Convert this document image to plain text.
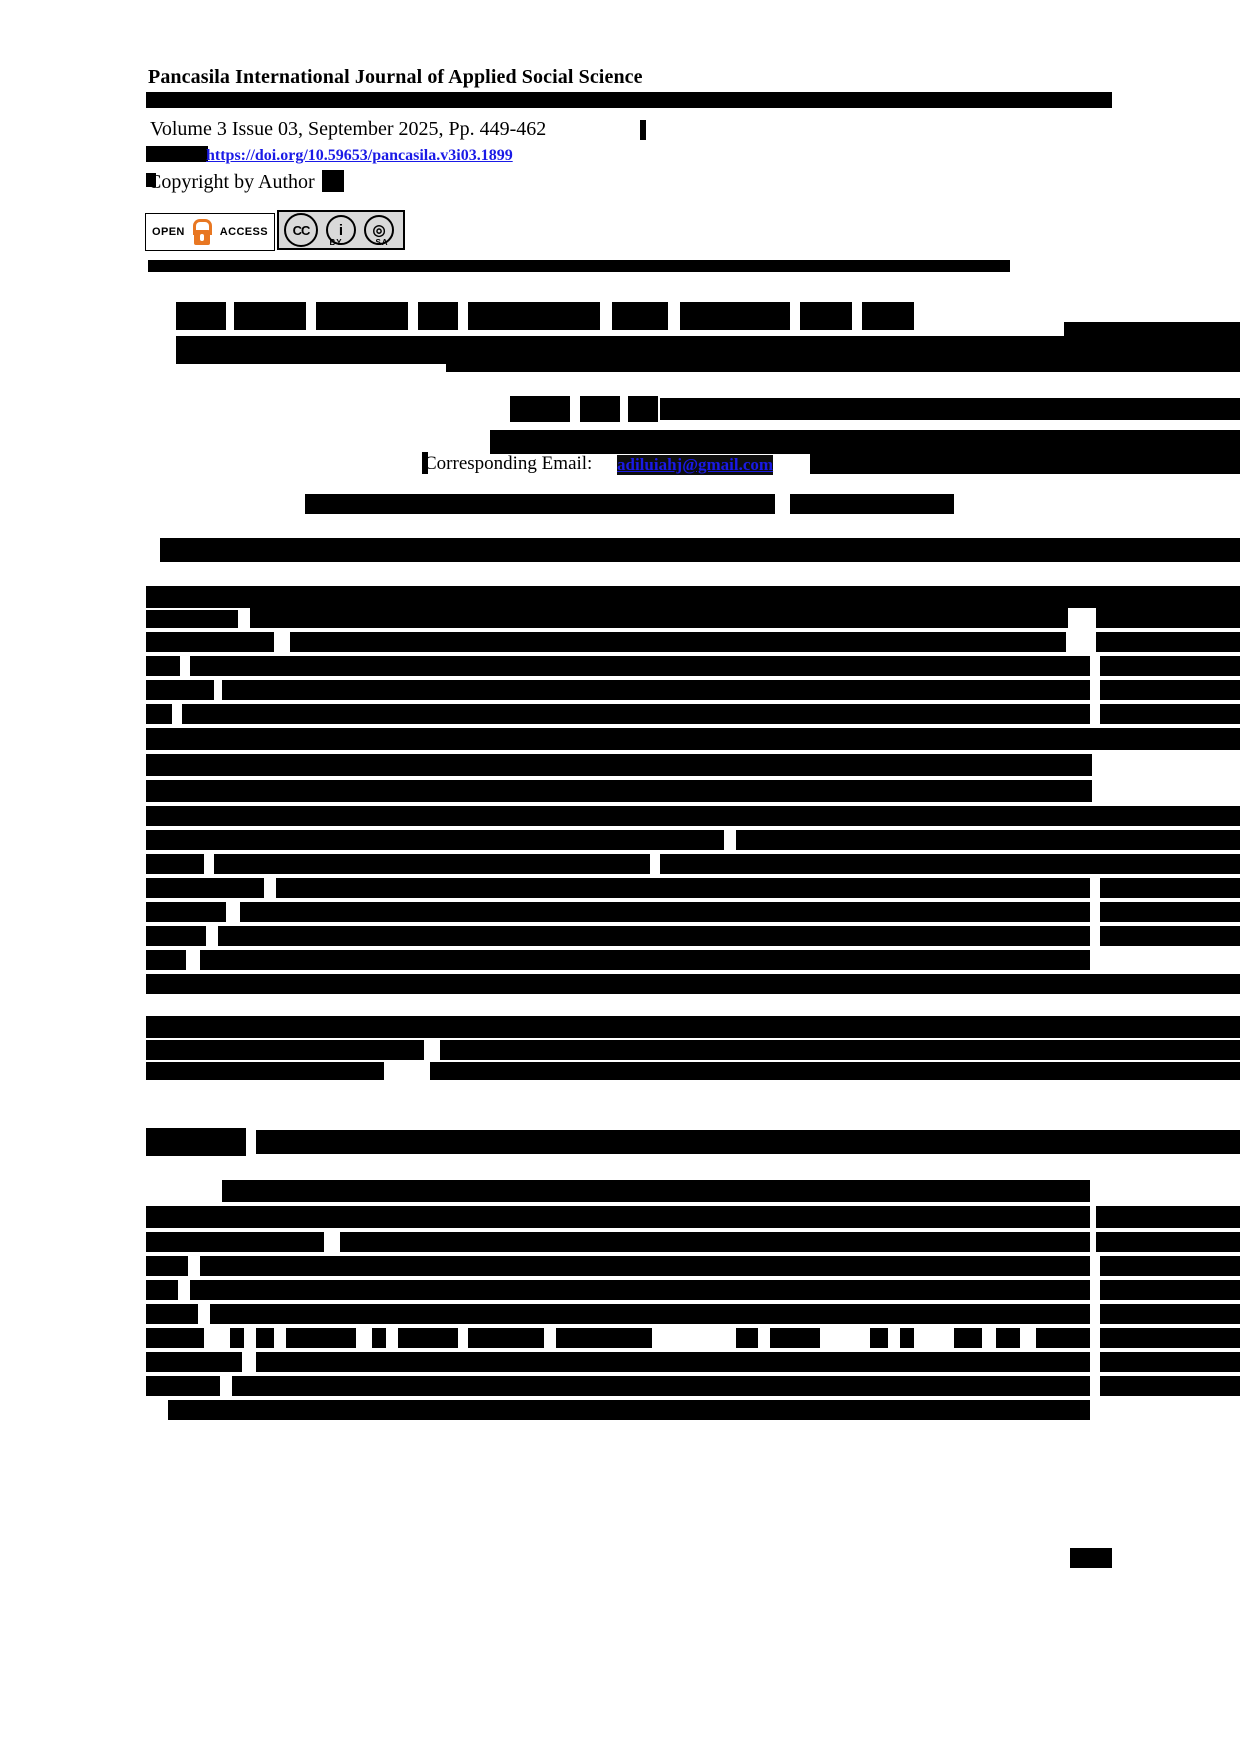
Pancasila International Journal of Applied Social Science
Volume 3 Issue 03, September 2025, Pp. 449-462
https://doi.org/10.59653/pancasila.v3i03.1899
Copyright by Author
OPEN	ACCESS	CC	i	◎
BY	SA
Corresponding Email: adiluiahj@gmail.com
